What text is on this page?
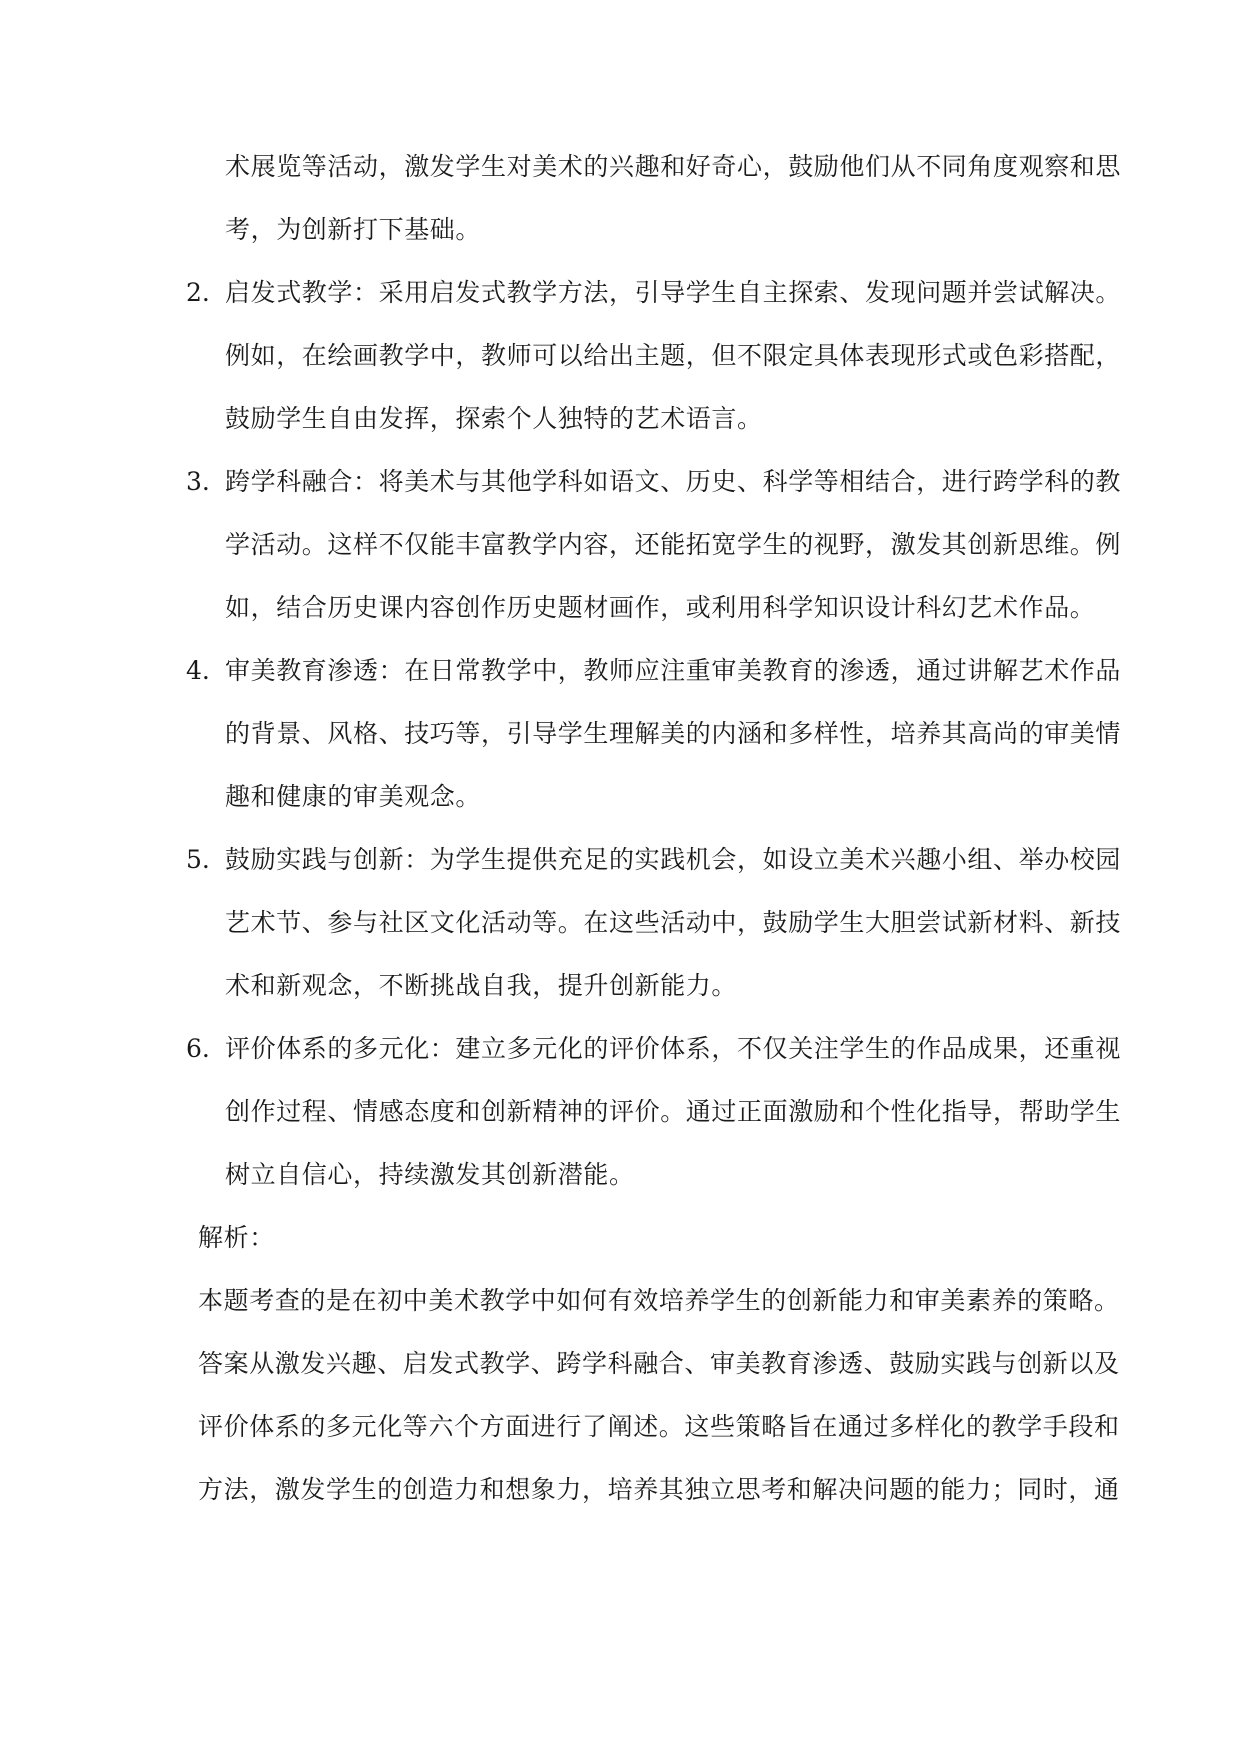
术展览等活动，激发学生对美术的兴趣和好奇心，鼓励他们从不同角度观察和思
考，为创新打下基础。
2. 启发式教学：采用启发式教学方法，引导学生自主探索、发现问题并尝试解决。
例如，在绘画教学中，教师可以给出主题，但不限定具体表现形式或色彩搭配，
鼓励学生自由发挥，探索个人独特的艺术语言。
3. 跨学科融合：将美术与其他学科如语文、历史、科学等相结合，进行跨学科的教
学活动。这样不仅能丰富教学内容，还能拓宽学生的视野，激发其创新思维。例
如，结合历史课内容创作历史题材画作，或利用科学知识设计科幻艺术作品。
4. 审美教育渗透：在日常教学中，教师应注重审美教育的渗透，通过讲解艺术作品
的背景、风格、技巧等，引导学生理解美的内涵和多样性，培养其高尚的审美情
趣和健康的审美观念。
5. 鼓励实践与创新：为学生提供充足的实践机会，如设立美术兴趣小组、举办校园
艺术节、参与社区文化活动等。在这些活动中，鼓励学生大胆尝试新材料、新技
术和新观念，不断挑战自我，提升创新能力。
6. 评价体系的多元化：建立多元化的评价体系，不仅关注学生的作品成果，还重视
创作过程、情感态度和创新精神的评价。通过正面激励和个性化指导，帮助学生
树立自信心，持续激发其创新潜能。
解析：
本题考查的是在初中美术教学中如何有效培养学生的创新能力和审美素养的策略。
答案从激发兴趣、启发式教学、跨学科融合、审美教育渗透、鼓励实践与创新以及
评价体系的多元化等六个方面进行了阐述。这些策略旨在通过多样化的教学手段和
方法，激发学生的创造力和想象力，培养其独立思考和解决问题的能力；同时，通
